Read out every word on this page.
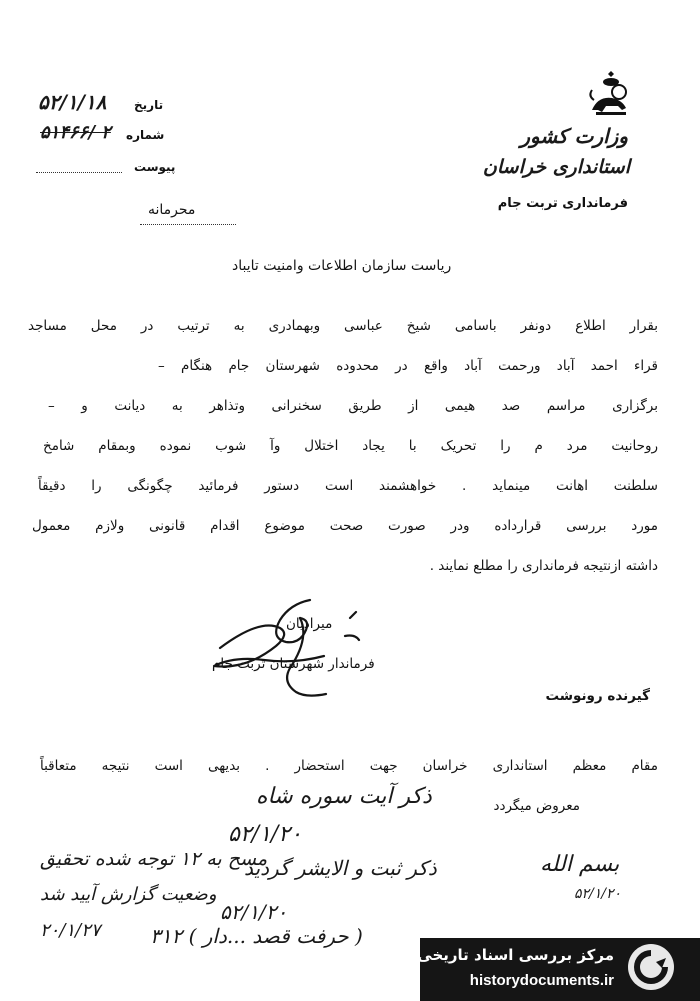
وزارت کشور
استانداری خراسان
فرمانداری تربت جام
تاریخ
۵۲/۱/۱۸
شماره
۵۱۴۶۶/ ۲
پیوست
محرمانه
ریاست سازمان اطلاعات وامنیت تایباد
بقرار اطلاع دونفر باسامی شیخ عباسی وبهمادری به ترتیب در محل مساجد
قراء احمد آباد ورحمت آباد واقع در محدوده شهرستان جام هنگام –
برگزاری مراسم صد هیمی از طریق سخنرانی وتذاهر به دیانت و –
روحانیت مرد م را تحریک با یجاد اختلال وآ شوب نموده وبمقام شامخ
سلطنت اهانت مینماید . خواهشمند است دستور فرمائید چگونگی را دقیقاً
مورد بررسی قرارداده ودر صورت صحت موضوع اقدام قانونی ولازم معمول
داشته ازنتیجه فرمانداری را مطلع نمایند .
میرادیان
فرماندار شهرستان تربت جام
گیرنده رونوشت
مقام معظم استانداری خراسان جهت استحضار . بدیهی است نتیجه متعاقباً
معروض میگردد
ذکر آیت سوره شاه
۵۲/۱/۲۰
مسح به ۱۲ توجه شده تحقیق
ذکر ثبت و الایشر گردید
وضعیت گزارش آیید شد
۵۲/۱/۲۰
۲۰/۱/۲۷ ( حرفت قصد ...دار ) ۳۱۲
بسم الله
۵۲/۱/۲۰
مرکز بررسی اسناد تاریخی
historydocuments.ir
